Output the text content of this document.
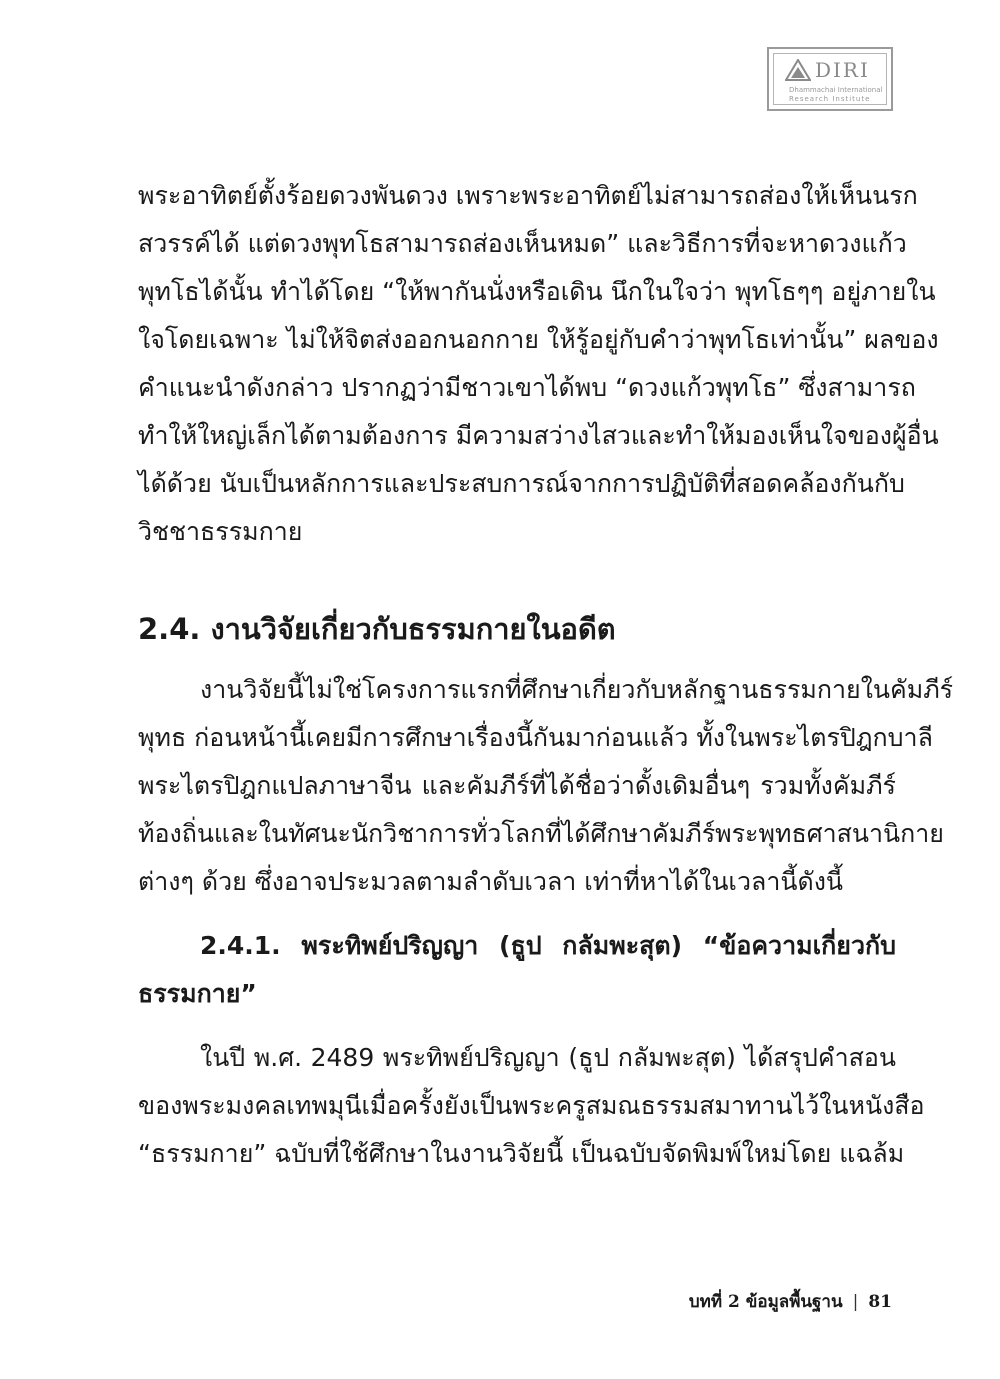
DIRI
Dhammachai International
Research Institute
พระอาทิตย์ตั้งร้อยดวงพันดวง เพราะพระอาทิตย์ไม่สามารถส่องให้เห็นนรก
สวรรค์ได้ แต่ดวงพุทโธสามารถส่องเห็นหมด” และวิธีการที่จะหาดวงแก้ว
พุทโธได้นั้น ทำได้โดย “ให้พากันนั่งหรือเดิน นึกในใจว่า พุทโธๆๆ อยู่ภายใน
ใจโดยเฉพาะ ไม่ให้จิตส่งออกนอกกาย ให้รู้อยู่กับคำว่าพุทโธเท่านั้น” ผลของ
คำแนะนำดังกล่าว ปรากฏว่ามีชาวเขาได้พบ “ดวงแก้วพุทโธ” ซึ่งสามารถ
ทำให้ใหญ่เล็กได้ตามต้องการ มีความสว่างไสวและทำให้มองเห็นใจของผู้อื่น
ได้ด้วย นับเป็นหลักการและประสบการณ์จากการปฏิบัติที่สอดคล้องกันกับ
วิชชาธรรมกาย
2.4. งานวิจัยเกี่ยวกับธรรมกายในอดีต
งานวิจัยนี้ไม่ใช่โครงการแรกที่ศึกษาเกี่ยวกับหลักฐานธรรมกายในคัมภีร์
พุทธ ก่อนหน้านี้เคยมีการศึกษาเรื่องนี้กันมาก่อนแล้ว ทั้งในพระไตรปิฎกบาลี
พระไตรปิฎกแปลภาษาจีน และคัมภีร์ที่ได้ชื่อว่าดั้งเดิมอื่นๆ รวมทั้งคัมภีร์
ท้องถิ่นและในทัศนะนักวิชาการทั่วโลกที่ได้ศึกษาคัมภีร์พระพุทธศาสนานิกาย
ต่างๆ ด้วย ซึ่งอาจประมวลตามลำดับเวลา เท่าที่หาได้ในเวลานี้ดังนี้
2.4.1. พระทิพย์ปริญญา (ธูป กลัมพะสุต) “ข้อความเกี่ยวกับ
ธรรมกาย”
ในปี พ.ศ. 2489 พระทิพย์ปริญญา (ธูป กลัมพะสุต) ได้สรุปคำสอน
ของพระมงคลเทพมุนีเมื่อครั้งยังเป็นพระครูสมณธรรมสมาทานไว้ในหนังสือ
“ธรรมกาย” ฉบับที่ใช้ศึกษาในงานวิจัยนี้ เป็นฉบับจัดพิมพ์ใหม่โดย แฉล้ม
บทที่ 2 ข้อมูลพื้นฐาน | 81
